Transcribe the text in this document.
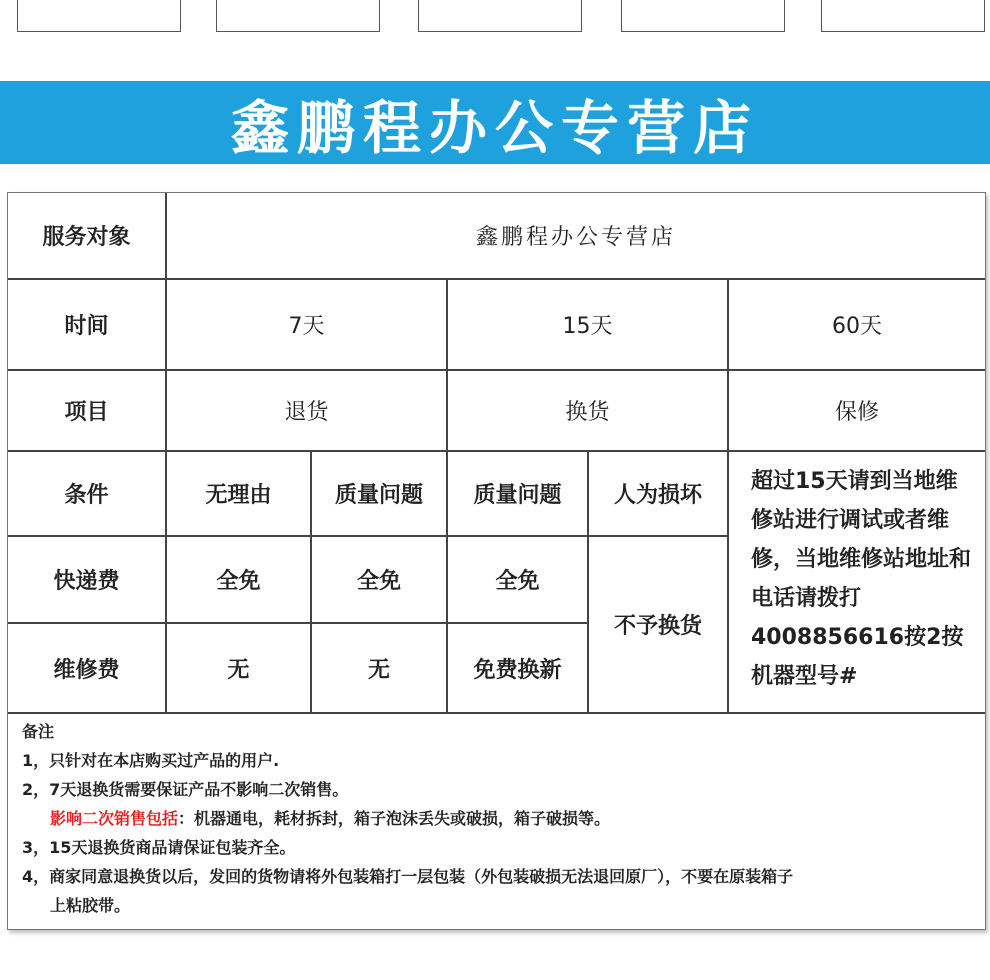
鑫鹏程办公专营店
服务对象	鑫鹏程办公专营店				
时间	7天		15天		60天
项目	退货		换货		保修
条件	无理由	质量问题	质量问题	人为损坏	超过15天请到当地维修站进行调试或者维修，当地维修站地址和电话请拨打4008856616按2按机器型号#

快递费	全免	全免	全免	不予换货	
维修费	无	无	免费换新		
备注
1，只针对在本店购买过产品的用户.
2，7天退换货需要保证产品不影响二次销售。
影响二次销售包括：机器通电，耗材拆封，箱子泡沫丢失或破损，箱子破损等。
3，15天退换货商品请保证包装齐全。
4，商家同意退换货以后，发回的货物请将外包装箱打一层包装（外包装破损无法退回原厂），不要在原装箱子
上粘胶带。
